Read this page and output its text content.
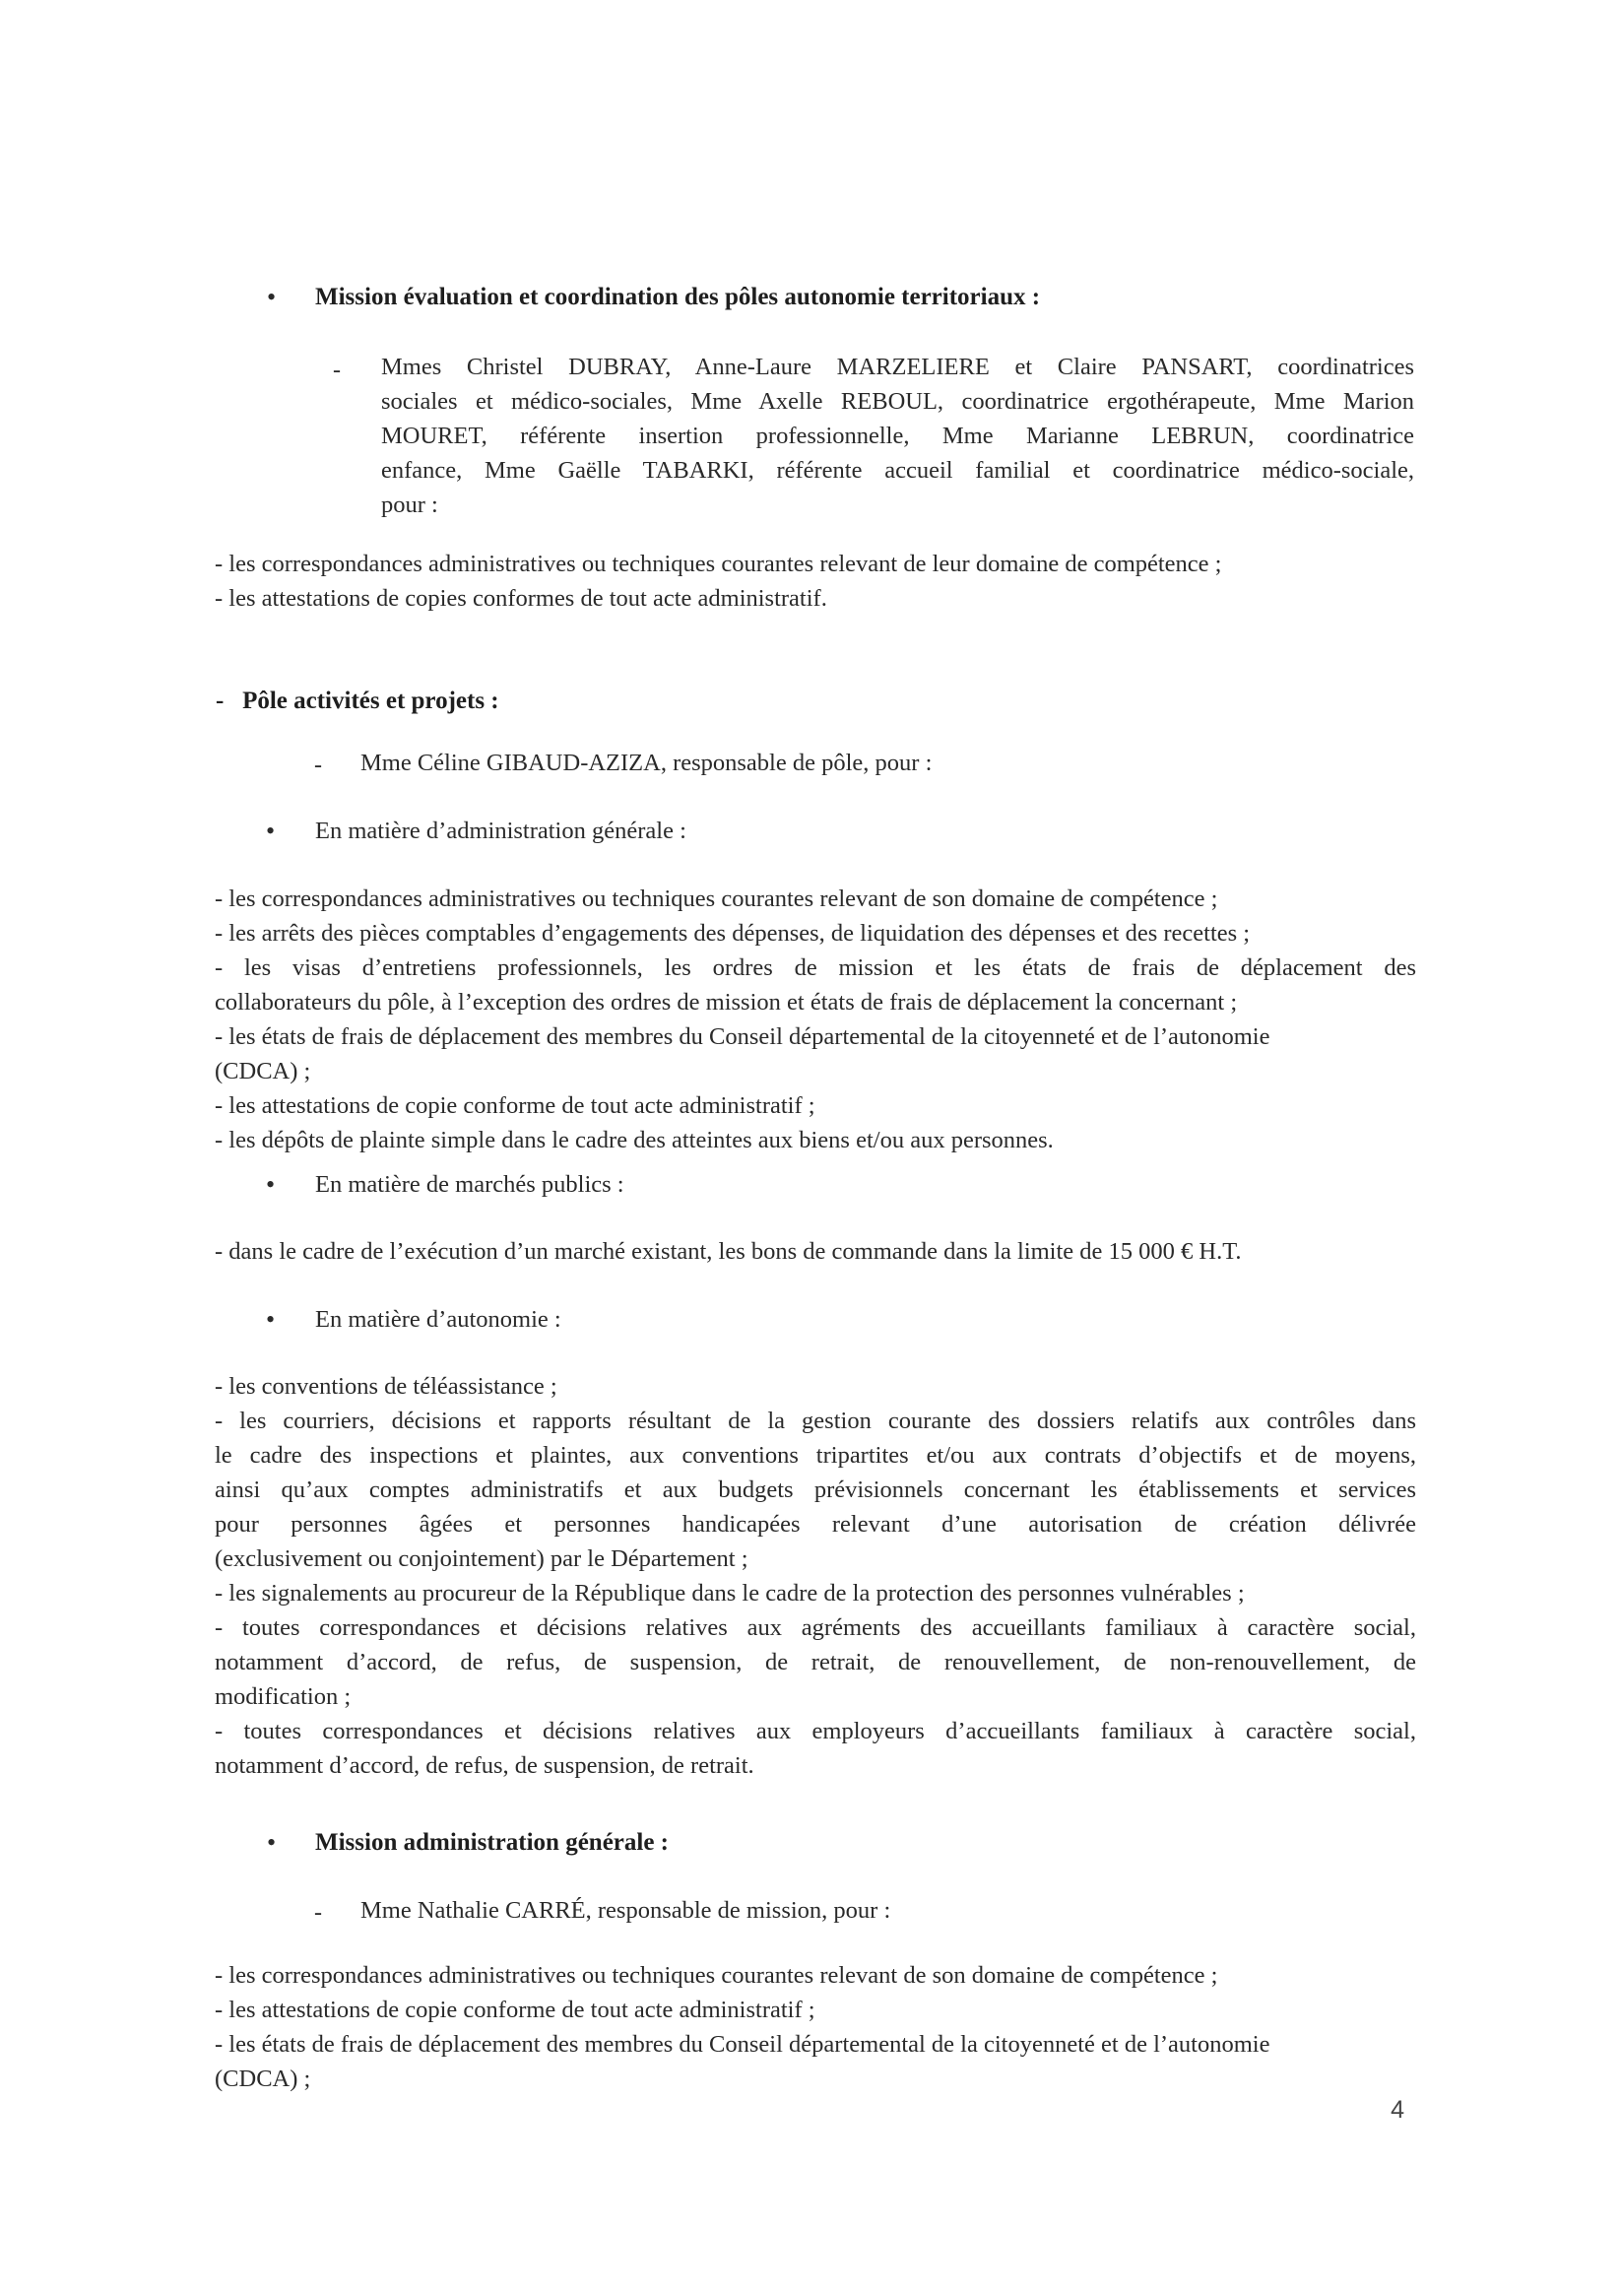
• Mission évaluation et coordination des pôles autonomie territoriaux :

- Mmes Christel DUBRAY, Anne-Laure MARZELIERE et Claire PANSART, coordinatrices
sociales et médico-sociales, Mme Axelle REBOUL, coordinatrice ergothérapeute, Mme Marion
MOURET, référente insertion professionnelle, Mme Marianne LEBRUN, coordinatrice
enfance, Mme Gaëlle TABARKI, référente accueil familial et coordinatrice médico-sociale,
pour :
- les correspondances administratives ou techniques courantes relevant de leur domaine de compétence ;
- les attestations de copies conformes de tout acte administratif.

-   Pôle activités et projets :

- Mme Céline GIBAUD-AZIZA, responsable de pôle, pour :

• En matière d’administration générale :

- les correspondances administratives ou techniques courantes relevant de son domaine de compétence ;
- les arrêts des pièces comptables d’engagements des dépenses, de liquidation des dépenses et des recettes ;
- les visas d’entretiens professionnels, les ordres de mission et les états de frais de déplacement des
collaborateurs du pôle, à l’exception des ordres de mission et états de frais de déplacement la concernant ;
- les états de frais de déplacement des membres du Conseil départemental de la citoyenneté et de l’autonomie
(CDCA) ;
- les attestations de copie conforme de tout acte administratif ;
- les dépôts de plainte simple dans le cadre des atteintes aux biens et/ou aux personnes.
• En matière de marchés publics :

- dans le cadre de l’exécution d’un marché existant, les bons de commande dans la limite de 15 000 € H.T.
• En matière d’autonomie :

- les conventions de téléassistance ;
- les courriers, décisions et rapports résultant de la gestion courante des dossiers relatifs aux contrôles dans
le cadre des inspections et plaintes, aux conventions tripartites et/ou aux contrats d’objectifs et de moyens,
ainsi qu’aux comptes administratifs et aux budgets prévisionnels concernant les établissements et services
pour personnes âgées et personnes handicapées relevant d’une autorisation de création délivrée
(exclusivement ou conjointement) par le Département ;
- les signalements au procureur de la République dans le cadre de la protection des personnes vulnérables ;
- toutes correspondances et décisions relatives aux agréments des accueillants familiaux à caractère social,
notamment d’accord, de refus, de suspension, de retrait, de renouvellement, de non-renouvellement, de
modification ;
- toutes correspondances et décisions relatives aux employeurs d’accueillants familiaux à caractère social,
notamment d’accord, de refus, de suspension, de retrait.
• Mission administration générale :

- Mme Nathalie CARRÉ, responsable de mission, pour :

- les correspondances administratives ou techniques courantes relevant de son domaine de compétence ;
- les attestations de copie conforme de tout acte administratif ;
- les états de frais de déplacement des membres du Conseil départemental de la citoyenneté et de l’autonomie
(CDCA) ;
4
